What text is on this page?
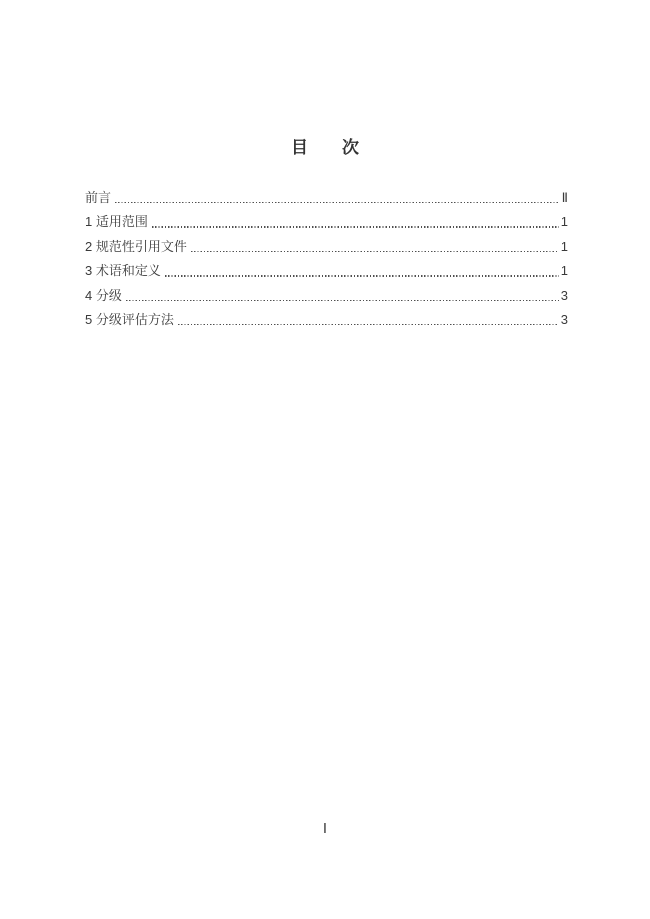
目　　次
前言	Ⅱ
1 适用范围	1
2 规范性引用文件	1
3 术语和定义	1
4 分级	3
5 分级评估方法	3
Ⅰ
